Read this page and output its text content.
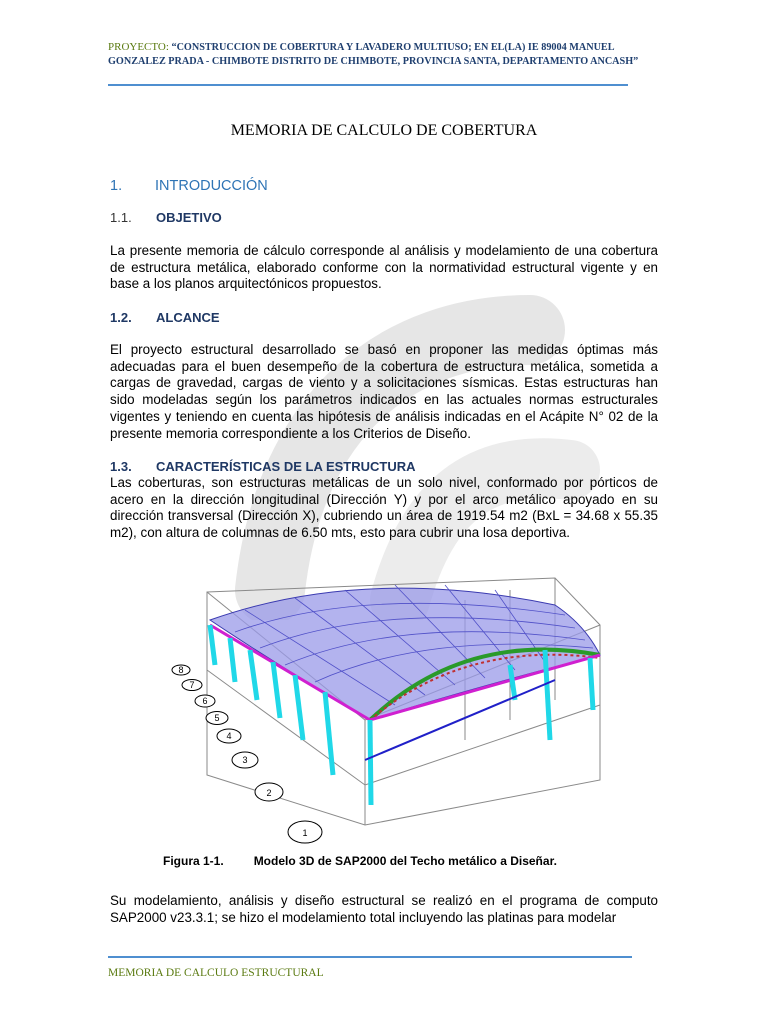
PROYECTO: “CONSTRUCCION DE COBERTURA Y LAVADERO MULTIUSO; EN EL(LA) IE 89004 MANUEL GONZALEZ PRADA - CHIMBOTE DISTRITO DE CHIMBOTE, PROVINCIA SANTA, DEPARTAMENTO ANCASH”
MEMORIA DE CALCULO DE COBERTURA
1. INTRODUCCIÓN
1.1. OBJETIVO
La presente memoria de cálculo corresponde al análisis y modelamiento de una cobertura de estructura metálica, elaborado conforme con la normatividad estructural vigente y en base a los planos arquitectónicos propuestos.
1.2. ALCANCE
El proyecto estructural desarrollado se basó en proponer las medidas óptimas más adecuadas para el buen desempeño de la cobertura de estructura metálica, sometida a cargas de gravedad, cargas de viento y a solicitaciones sísmicas. Estas estructuras han sido modeladas según los parámetros indicados en las actuales normas estructurales vigentes y teniendo en cuenta las hipótesis de análisis indicadas en el Acápite N° 02 de la presente memoria correspondiente a los Criterios de Diseño.
1.3. CARACTERÍSTICAS DE LA ESTRUCTURA
Las coberturas, son estructuras metálicas de un solo nivel, conformado por pórticos de acero en la dirección longitudinal (Dirección Y) y por el arco metálico apoyado en su dirección transversal (Dirección X), cubriendo un área de 1919.54 m2 (BxL = 34.68 x 55.35 m2), con altura de columnas de 6.50 mts, esto para cubrir una losa deportiva.
8
7
6
5
4
3
2
1
Figura 1-1.	Modelo 3D de SAP2000 del Techo metálico a Diseñar.
Su modelamiento, análisis y diseño estructural se realizó en el programa de computo SAP2000 v23.3.1; se hizo el modelamiento total incluyendo las platinas para modelar
MEMORIA DE CALCULO ESTRUCTURAL
